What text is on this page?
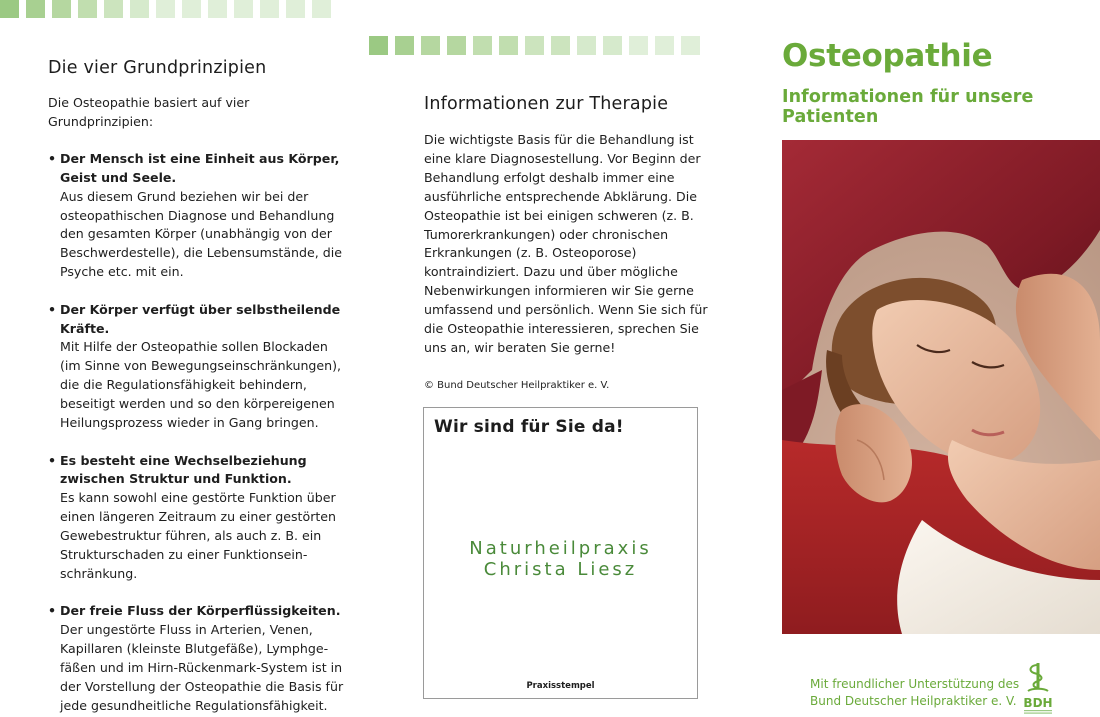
Die vier Grundprinzipien

Die Osteopathie basiert auf vier Grundprinzipien:

• Der Mensch ist eine Einheit aus Körper, Geist und Seele.
Aus diesem Grund beziehen wir bei der osteopathischen Diagnose und Behandlung den gesamten Körper (unabhängig von der Beschwerdestelle), die Lebensumstände, die Psyche etc. mit ein.
• Der Körper verfügt über selbstheilende Kräfte.
Mit Hilfe der Osteopathie sollen Blockaden (im Sinne von Bewegungseinschränkungen), die die Regulationsfähigkeit behindern, beseitigt werden und so den körpereigenen Heilungsprozess wieder in Gang bringen.
• Es besteht eine Wechselbeziehung zwischen Struktur und Funktion.
Es kann sowohl eine gestörte Funktion über einen längeren Zeitraum zu einer gestörten Gewebestruktur führen, als auch z. B. ein Strukturschaden zu einer Funktionseinschränkung.
• Der freie Fluss der Körperflüssigkeiten.
Der ungestörte Fluss in Arterien, Venen, Kapillaren (kleinste Blutgefäße), Lymphgefäßen und im Hirn-Rückenmark-System ist in der Vorstellung der Osteopathie die Basis für jede gesundheitliche Regulationsfähigkeit.
Informationen zur Therapie

Die wichtigste Basis für die Behandlung ist eine klare Diagnosestellung. Vor Beginn der Behandlung erfolgt deshalb immer eine ausführliche entsprechende Abklärung. Die Osteopathie ist bei einigen schweren (z. B. Tumorerkrankungen) oder chronischen Erkrankungen (z. B. Osteoporose) kontraindiziert. Dazu und über mögliche Nebenwirkungen informieren wir Sie gerne umfassend und persönlich. Wenn Sie sich für die Osteopathie interessieren, sprechen Sie uns an, wir beraten Sie gerne!

© Bund Deutscher Heilpraktiker e. V.

Wir sind für Sie da!
Naturheilpraxis
Christa Liesz
Praxisstempel
Osteopathie
Informationen für unsere Patienten
Mit freundlicher Unterstützung des
Bund Deutscher Heilpraktiker e. V. BDH
